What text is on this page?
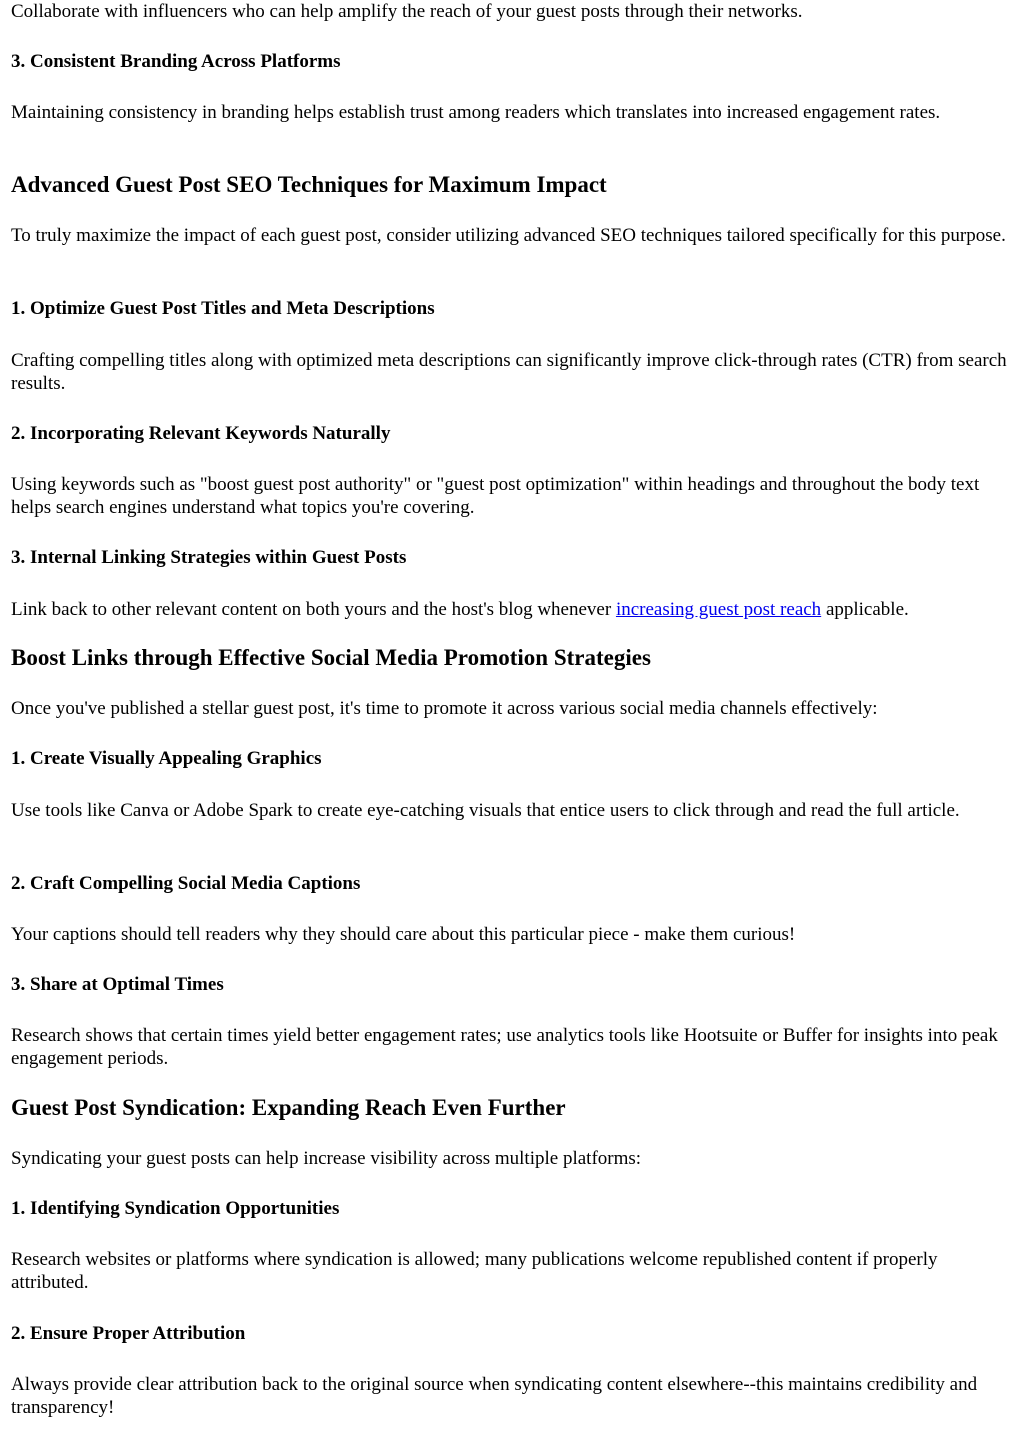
Collaborate with influencers who can help amplify the reach of your guest posts through their networks.

3. Consistent Branding Across Platforms

Maintaining consistency in branding helps establish trust among readers which translates into increased engagement rates.

Advanced Guest Post SEO Techniques for Maximum Impact

To truly maximize the impact of each guest post, consider utilizing advanced SEO techniques tailored specifically for this purpose.

1. Optimize Guest Post Titles and Meta Descriptions

Crafting compelling titles along with optimized meta descriptions can significantly improve click-through rates (CTR) from search results.

2. Incorporating Relevant Keywords Naturally

Using keywords such as "boost guest post authority" or "guest post optimization" within headings and throughout the body text helps search engines understand what topics you're covering.

3. Internal Linking Strategies within Guest Posts

Link back to other relevant content on both yours and the host's blog whenever increasing guest post reach applicable.

Boost Links through Effective Social Media Promotion Strategies

Once you've published a stellar guest post, it's time to promote it across various social media channels effectively:

1. Create Visually Appealing Graphics

Use tools like Canva or Adobe Spark to create eye-catching visuals that entice users to click through and read the full article.

2. Craft Compelling Social Media Captions

Your captions should tell readers why they should care about this particular piece - make them curious!

3. Share at Optimal Times

Research shows that certain times yield better engagement rates; use analytics tools like Hootsuite or Buffer for insights into peak engagement periods.

Guest Post Syndication: Expanding Reach Even Further

Syndicating your guest posts can help increase visibility across multiple platforms:

1. Identifying Syndication Opportunities

Research websites or platforms where syndication is allowed; many publications welcome republished content if properly attributed.

2. Ensure Proper Attribution

Always provide clear attribution back to the original source when syndicating content elsewhere--this maintains credibility and transparency!
